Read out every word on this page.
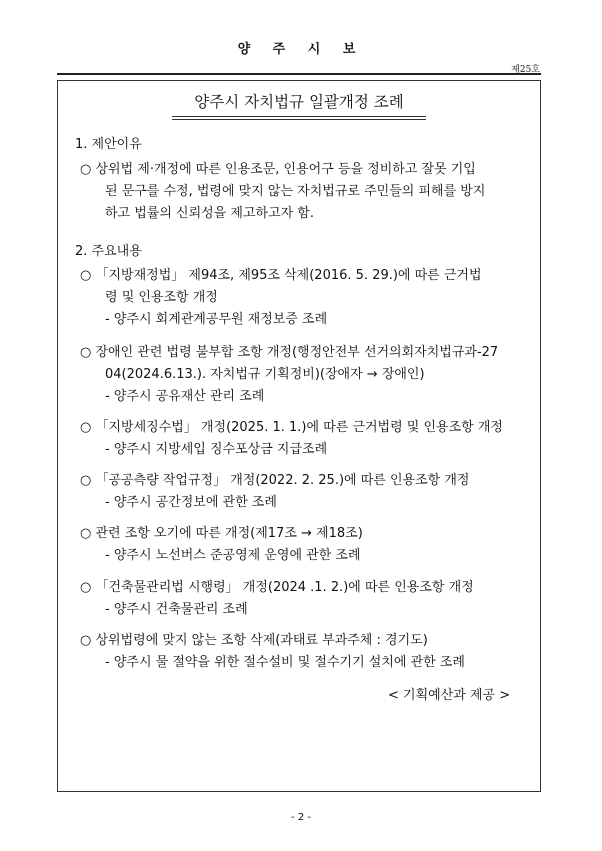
양 주 시 보
제25호
양주시 자치법규 일괄개정 조례
1. 제안이유
○ 상위법 제·개정에 따른 인용조문, 인용어구 등을 정비하고 잘못 기입
된 문구를 수정, 법령에 맞지 않는 자치법규로 주민들의 피해를 방지
하고 법률의 신뢰성을 제고하고자 함.
2. 주요내용
○ 「지방재정법」 제94조, 제95조 삭제(2016. 5. 29.)에 따른 근거법
령 및 인용조항 개정
- 양주시 회계관계공무원 재정보증 조례
○ 장애인 관련 법령 불부합 조항 개정(행정안전부 선거의회자치법규과-27
04(2024.6.13.). 자치법규 기획정비)(장애자 → 장애인)
- 양주시 공유재산 관리 조례
○ 「지방세징수법」 개정(2025. 1. 1.)에 따른 근거법령 및 인용조항 개정
- 양주시 지방세입 징수포상금 지급조례
○ 「공공측량 작업규정」 개정(2022. 2. 25.)에 따른 인용조항 개정
- 양주시 공간정보에 관한 조례
○ 관련 조항 오기에 따른 개정(제17조 → 제18조)
- 양주시 노선버스 준공영제 운영에 관한 조례
○ 「건축물관리법 시행령」 개정(2024 .1. 2.)에 따른 인용조항 개정
- 양주시 건축물관리 조례
○ 상위법령에 맞지 않는 조항 삭제(과태료 부과주체 : 경기도)
- 양주시 물 절약을 위한 절수설비 및 절수기기 설치에 관한 조례
< 기획예산과 제공 >
- 2 -
